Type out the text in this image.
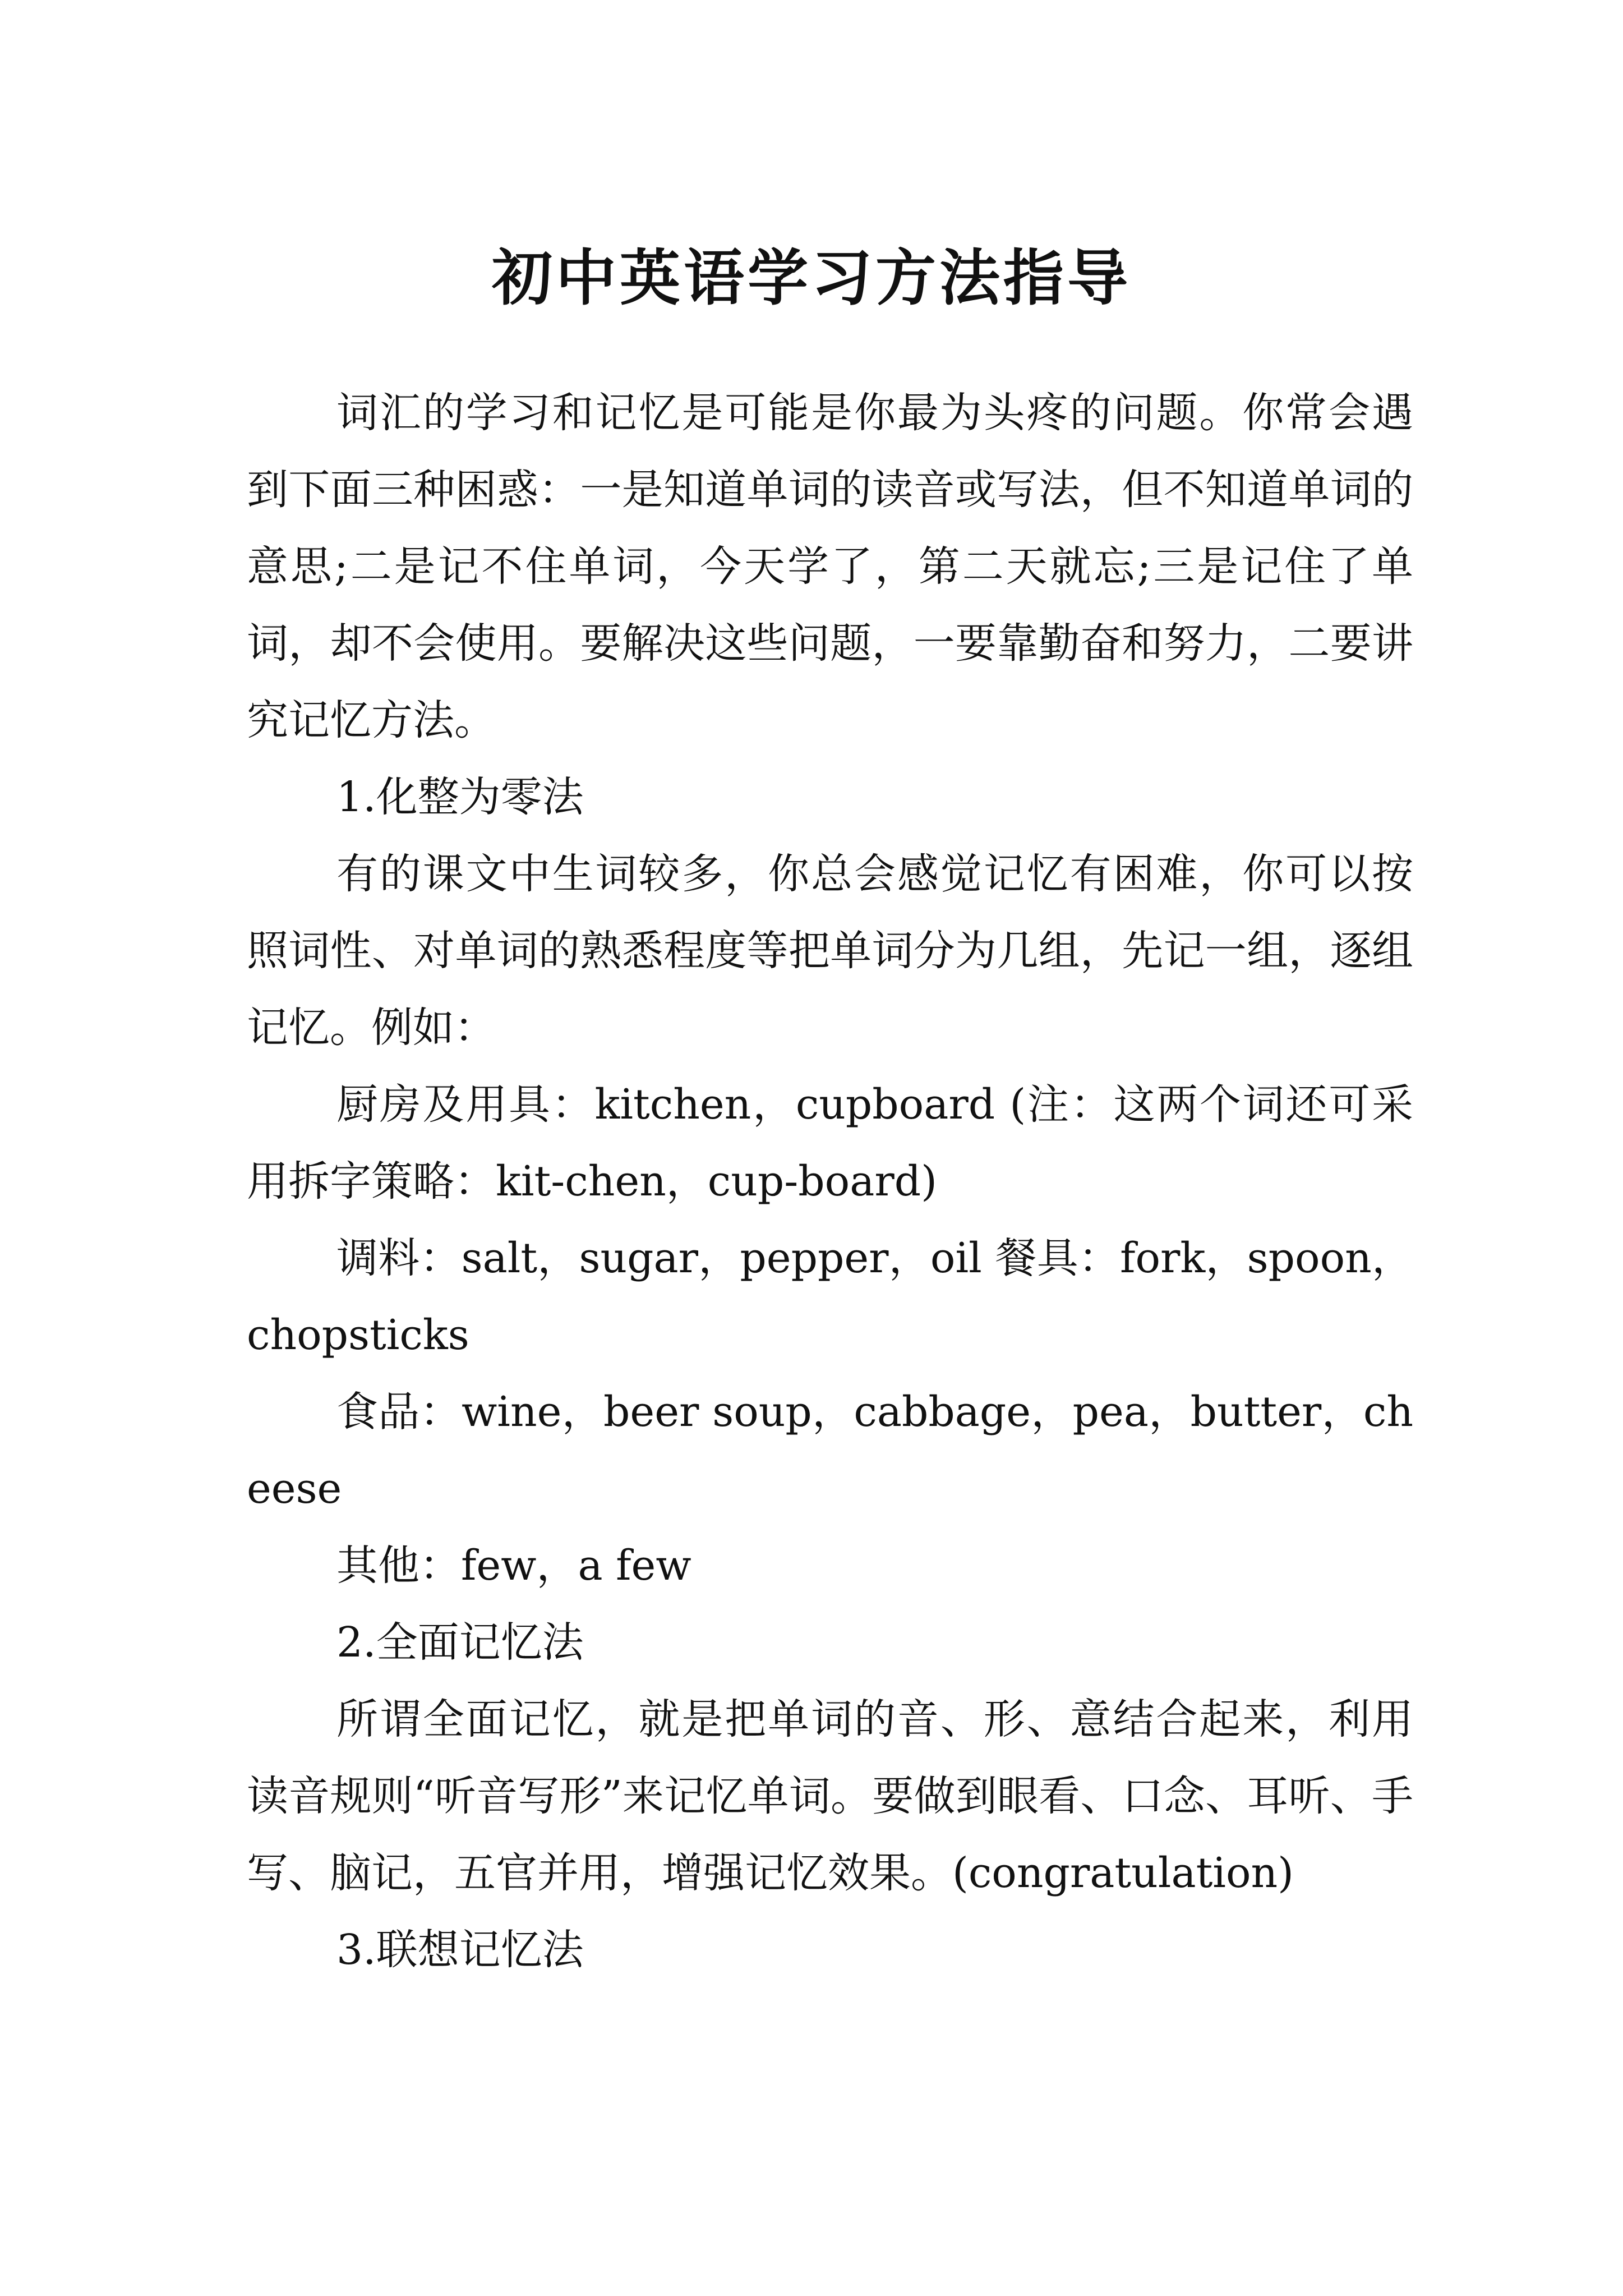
初中英语学习方法指导

词汇的学习和记忆是可能是你最为头疼的问题。你常会遇到下面三种困惑：一是知道单词的读音或写法，但不知道单词的意思;二是记不住单词，今天学了，第二天就忘;三是记住了单词，却不会使用。要解决这些问题，一要靠勤奋和努力，二要讲究记忆方法。

1.化整为零法

有的课文中生词较多，你总会感觉记忆有困难，你可以按照词性、对单词的熟悉程度等把单词分为几组，先记一组，逐组记忆。例如：

厨房及用具：kitchen，cupboard (注：这两个词还可采用拆字策略：kit-chen，cup-board)

调料：salt，sugar，pepper，oil 餐具：fork，spoon，chopsticks

食品：wine，beer soup，cabbage，pea，butter，cheese

其他：few，a few

2.全面记忆法

所谓全面记忆，就是把单词的音、形、意结合起来，利用读音规则“听音写形”来记忆单词。要做到眼看、口念、耳听、手写、脑记，五官并用，增强记忆效果。(congratulation)

3.联想记忆法
